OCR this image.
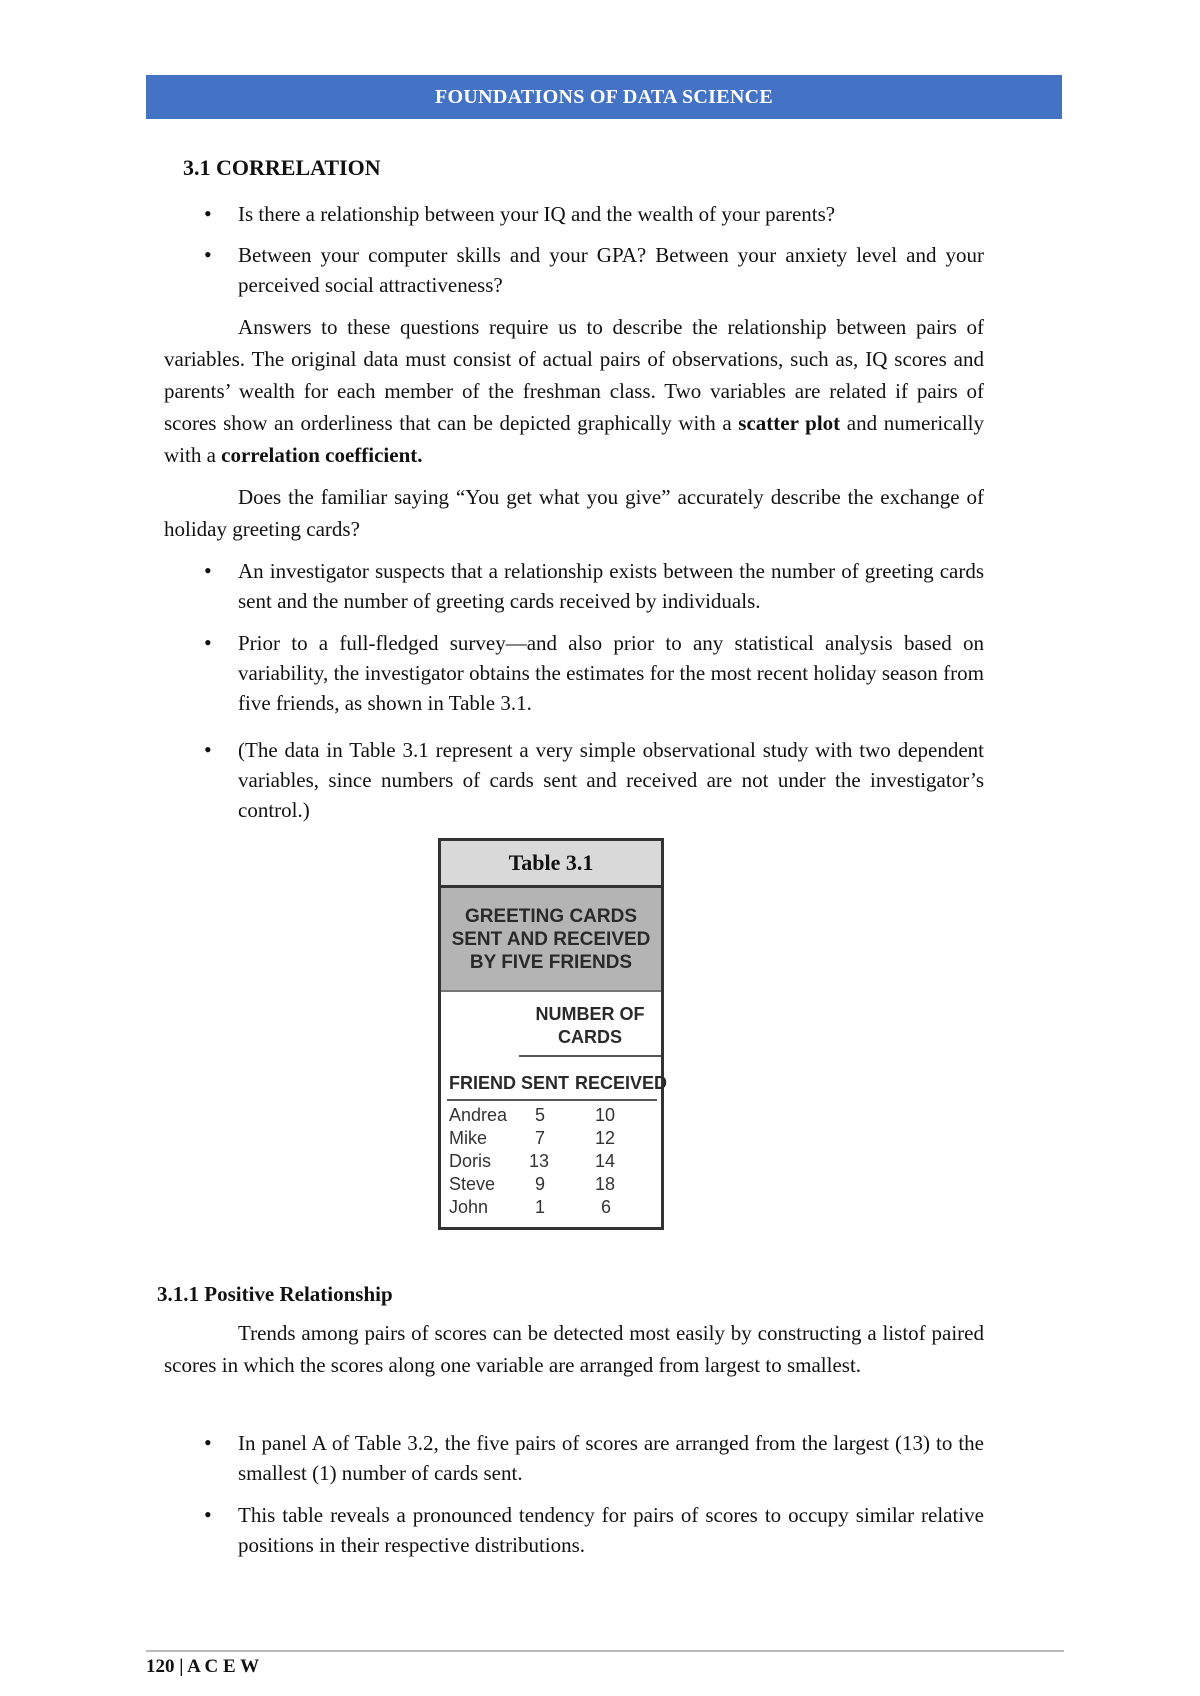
FOUNDATIONS OF DATA SCIENCE
3.1 CORRELATION

• Is there a relationship between your IQ and the wealth of your parents?

• Between your computer skills and your GPA? Between your anxiety level and your perceived social attractiveness?

Answers to these questions require us to describe the relationship between pairs of variables. The original data must consist of actual pairs of observations, such as, IQ scores and parents’ wealth for each member of the freshman class. Two variables are related if pairs of scores show an orderliness that can be depicted graphically with a scatter plot and numerically with a correlation coefficient.

Does the familiar saying “You get what you give” accurately describe the exchange of holiday greeting cards?

• An investigator suspects that a relationship exists between the number of greeting cards sent and the number of greeting cards received by individuals.

• Prior to a full-fledged survey—and also prior to any statistical analysis based on variability, the investigator obtains the estimates for the most recent holiday season from five friends, as shown in Table 3.1.

• (The data in Table 3.1 represent a very simple observational study with two dependent variables, since numbers of cards sent and received are not under the investigator’s control.)

Table 3.1
GREETING CARDS SENT AND RECEIVED BY FIVE FRIENDS
NUMBER OF CARDS
FRIEND SENT RECEIVED
Andrea 5	10
Mike	7	12
Doris 13	14
Steve 9	18
John	1	6
3.1.1 Positive Relationship

Trends among pairs of scores can be detected most easily by constructing a listof paired scores in which the scores along one variable are arranged from largest to smallest.

• In panel A of Table 3.2, the five pairs of scores are arranged from the largest (13) to the smallest (1) number of cards sent.

• This table reveals a pronounced tendency for pairs of scores to occupy similar relative positions in their respective distributions.

120 | A C E W
